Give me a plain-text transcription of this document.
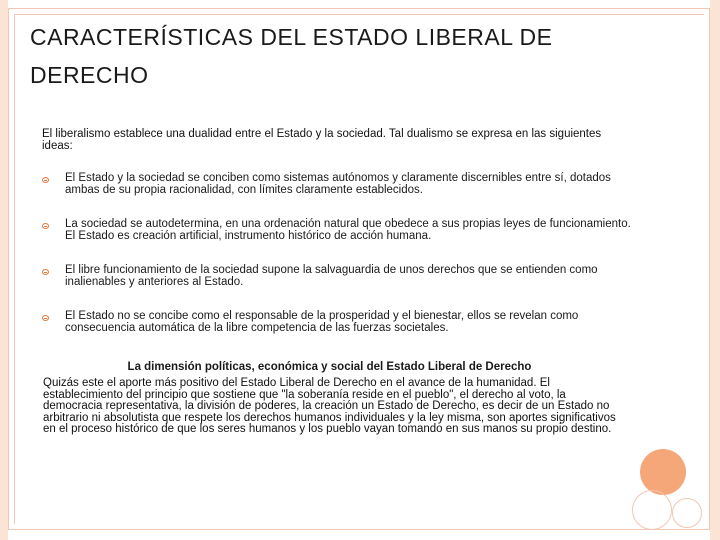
CARACTERÍSTICAS DEL ESTADO LIBERAL DE
DERECHO

El liberalismo establece una dualidad entre el Estado y la sociedad. Tal dualismo se expresa en las siguientes ideas:

El Estado y la sociedad se conciben como sistemas autónomos y claramente discernibles entre sí, dotados ambas de su propia racionalidad, con límites claramente establecidos.
La sociedad se autodetermina, en una ordenación natural que obedece a sus propias leyes de funcionamiento. El Estado es creación artificial, instrumento histórico de acción humana.
El libre funcionamiento de la sociedad supone la salvaguardia de unos derechos que se entienden como inalienables y anteriores al Estado.
El Estado no se concibe como el responsable de la prosperidad y el bienestar, ellos se revelan como consecuencia automática de la libre competencia de las fuerzas societales.

La dimensión políticas, económica y social del Estado Liberal de Derecho

Quizás este el aporte más positivo del Estado Liberal de Derecho en el avance de la humanidad. El establecimiento del principio que sostiene que "la soberanía reside en el pueblo", el derecho al voto, la democracia representativa, la división de poderes, la creación un Estado de Derecho, es decir de un Estado no arbitrario ni absolutista que respete los derechos humanos individuales y la ley misma, son aportes significativos en el proceso histórico de que los seres humanos y los pueblo vayan tomando en sus manos su propio destino.
